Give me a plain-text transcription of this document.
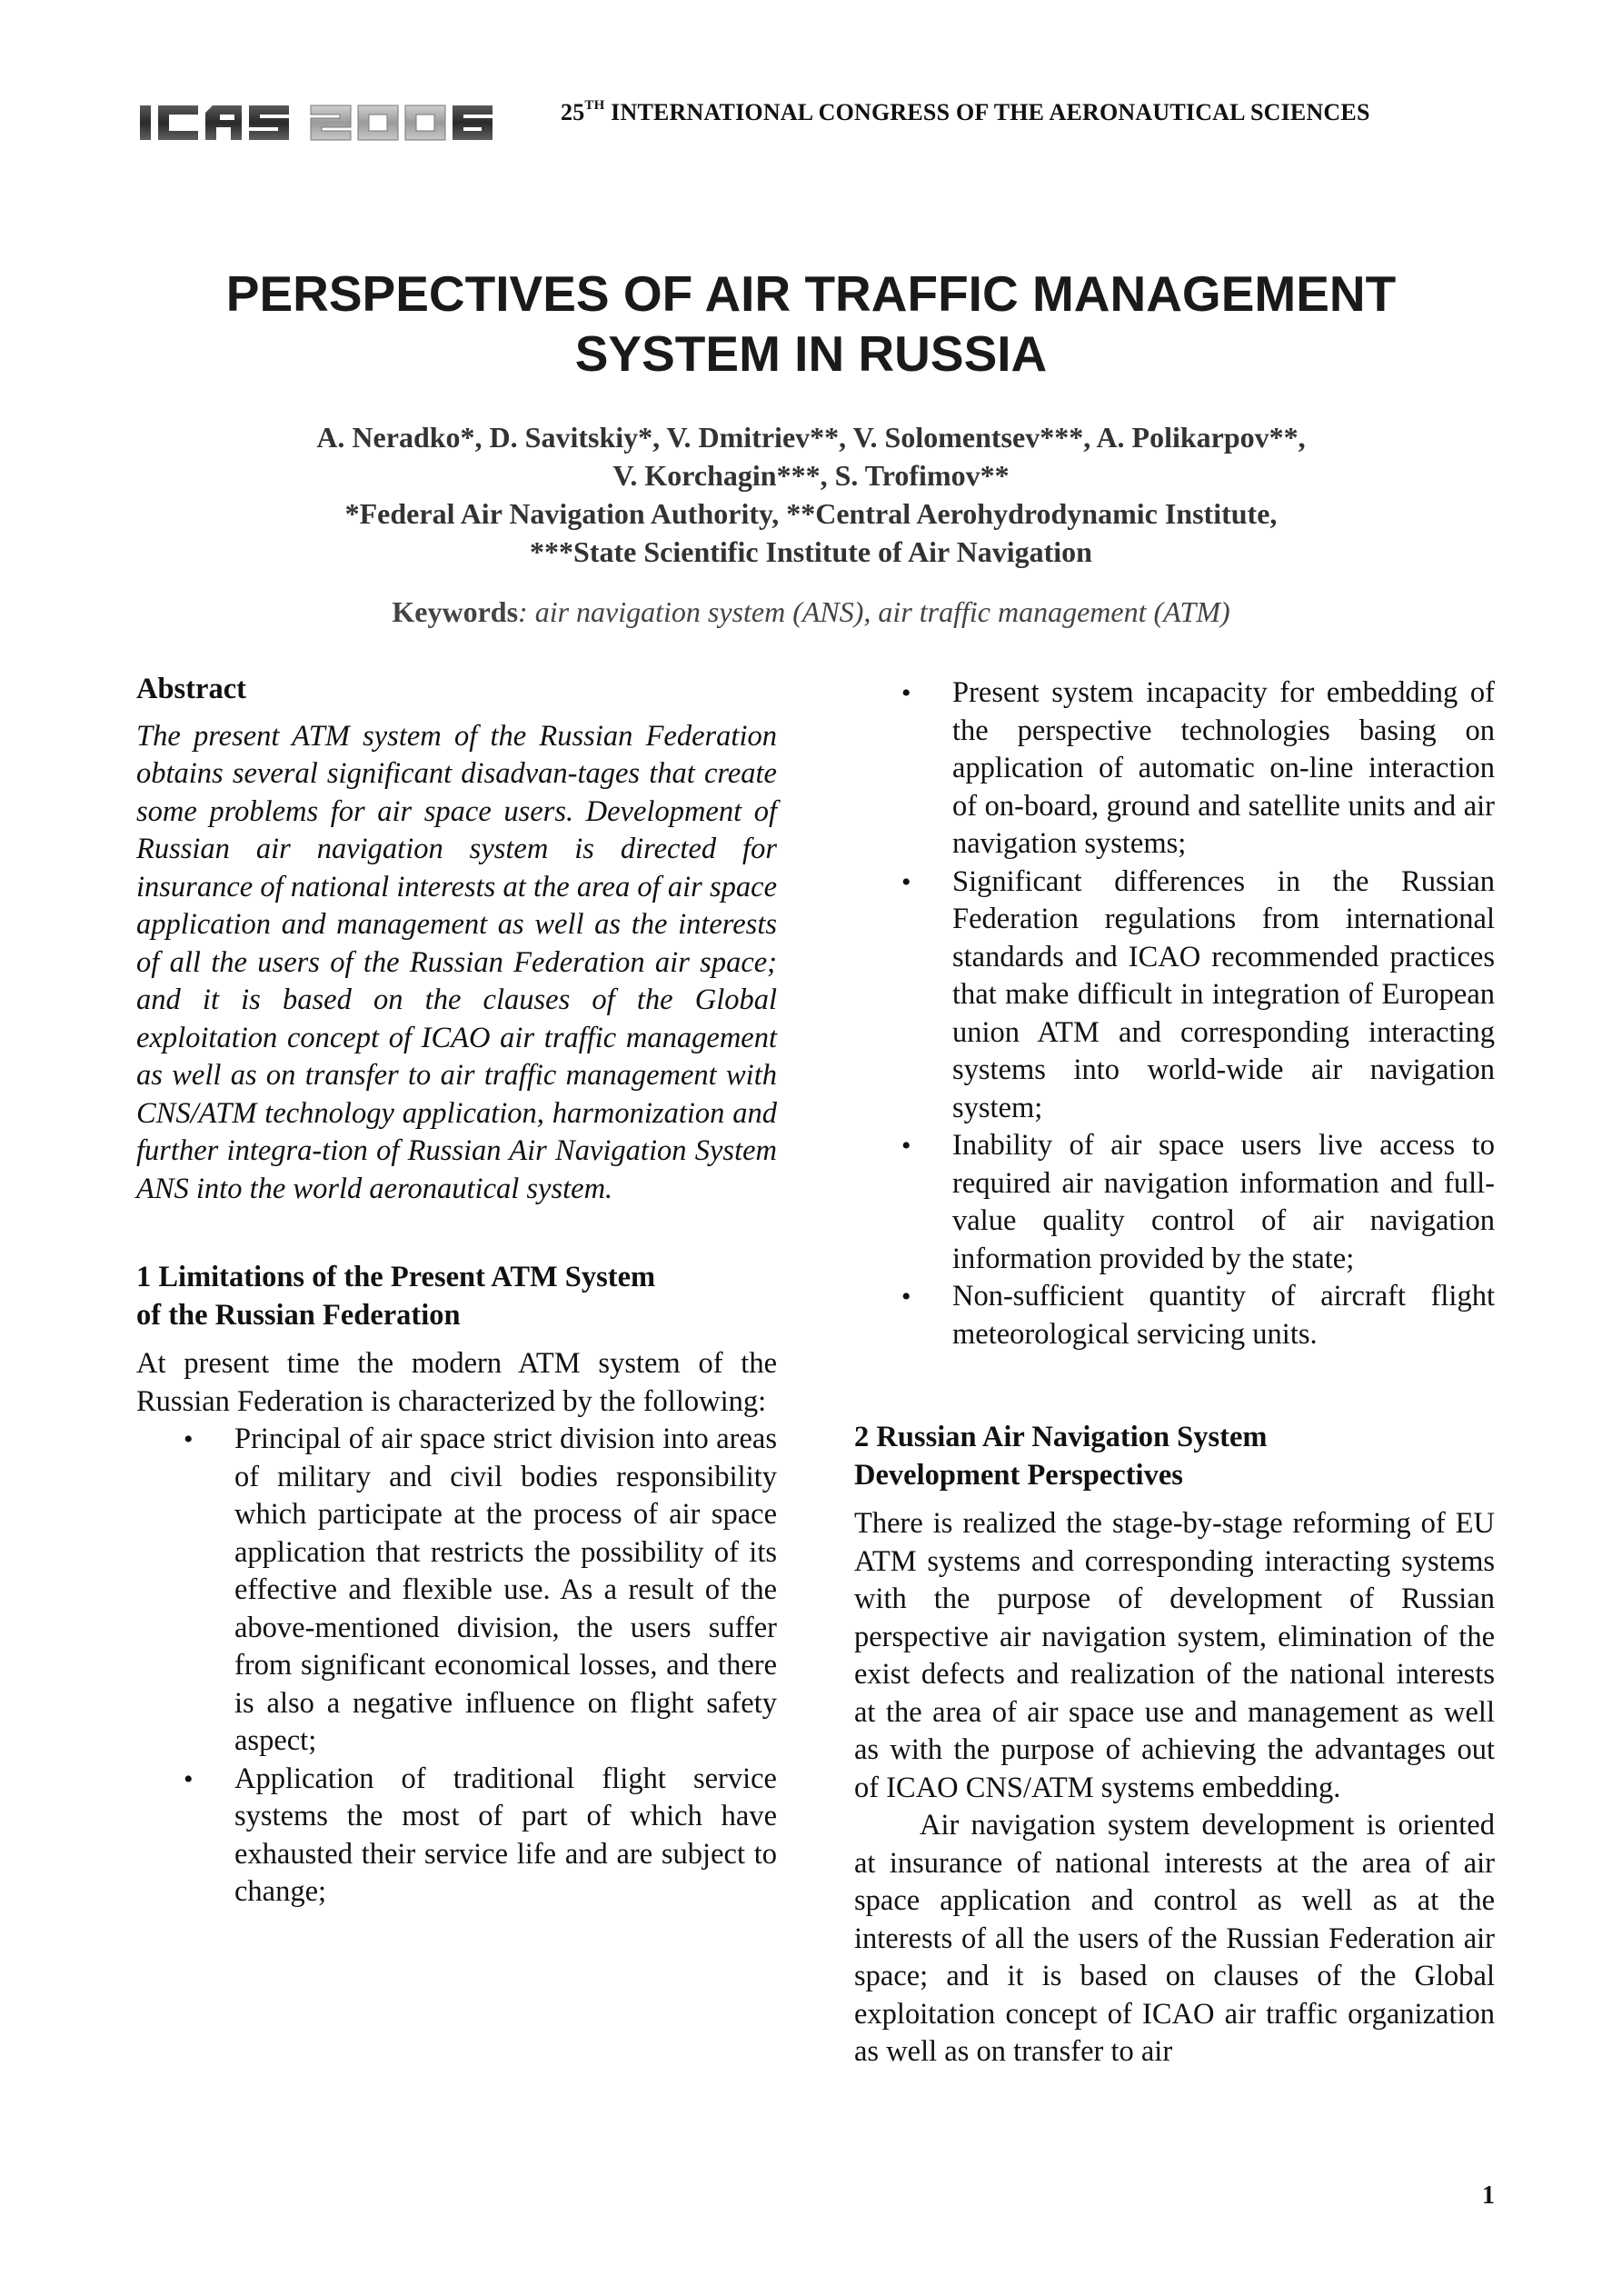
25TH INTERNATIONAL CONGRESS OF THE AERONAUTICAL SCIENCES
PERSPECTIVES OF AIR TRAFFIC MANAGEMENT
SYSTEM IN RUSSIA
A. Neradko*, D. Savitskiy*, V. Dmitriev**, V. Solomentsev***, A. Polikarpov**,
V. Korchagin***, S. Trofimov**
*Federal Air Navigation Authority, **Central Aerohydrodynamic Institute,
***State Scientific Institute of Air Navigation
Keywords: air navigation system (ANS), air traffic management (ATM)
Abstract

The present ATM system of the Russian Federation obtains several significant disadvan-tages that create some problems for air space users. Development of Russian air navigation system is directed for insurance of national interests at the area of air space application and management as well as the interests of all the users of the Russian Federation air space; and it is based on the clauses of the Global exploitation concept of ICAO air traffic management as well as on transfer to air traffic management with CNS/ATM technology application, harmonization and further integra-tion of Russian Air Navigation System ANS into the world aeronautical system.

1 Limitations of the Present ATM System
of the Russian Federation

At present time the modern ATM system of the Russian Federation is characterized by the following:

• Principal of air space strict division into areas of military and civil bodies responsibility which participate at the process of air space application that restricts the possibility of its effective and flexible use. As a result of the above-mentioned division, the users suffer from significant economical losses, and there is also a negative influence on flight safety aspect;
• Application of traditional flight service systems the most of part of which have exhausted their service life and are subject to change;
• Present system incapacity for embedding of the perspective technologies basing on application of automatic on-line interaction of on-board, ground and satellite units and air navigation systems;
• Significant differences in the Russian Federation regulations from international standards and ICAO recommended practices that make difficult in integration of European union ATM and corresponding interacting systems into world-wide air navigation system;
• Inability of air space users live access to required air navigation information and full-value quality control of air navigation information provided by the state;
• Non-sufficient quantity of aircraft flight meteorological servicing units.
2 Russian Air Navigation System
Development Perspectives

There is realized the stage-by-stage reforming of EU ATM systems and corresponding interacting systems with the purpose of development of Russian perspective air navigation system, elimination of the exist defects and realization of the national interests at the area of air space use and management as well as with the purpose of achieving the advantages out of ICAO CNS/ATM systems embedding.

Air navigation system development is oriented at insurance of national interests at the area of air space application and control as well as at the interests of all the users of the Russian Federation air space; and it is based on clauses of the Global exploitation concept of ICAO air traffic organization as well as on transfer to air

1
